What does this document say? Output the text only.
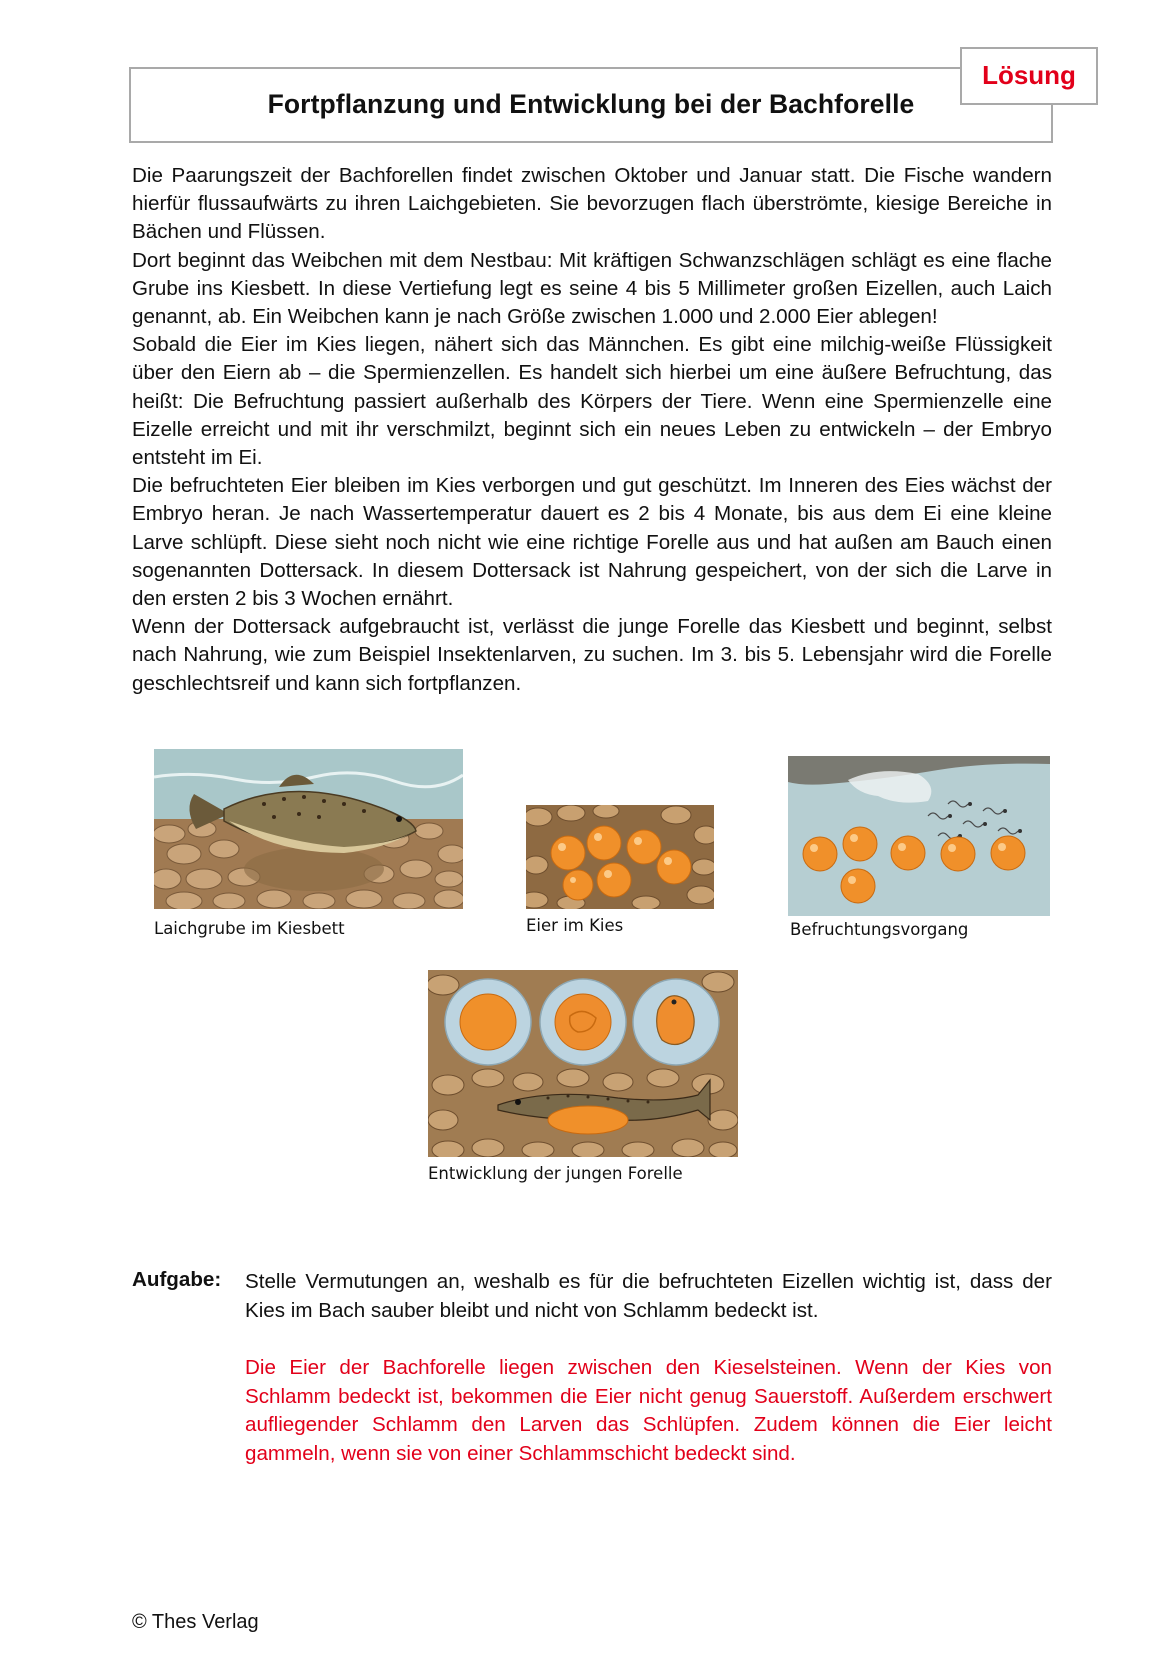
Fortpflanzung und Entwicklung bei der Bachforelle
Lösung

Die Paarungszeit der Bachforellen findet zwischen Oktober und Januar statt. Die Fische wandern hierfür flussaufwärts zu ihren Laichgebieten. Sie bevorzugen flach überströmte, kiesige Bereiche in Bächen und Flüssen.

Dort beginnt das Weibchen mit dem Nestbau: Mit kräftigen Schwanzschlägen schlägt es eine flache Grube ins Kiesbett. In diese Vertiefung legt es seine 4 bis 5 Millimeter großen Eizellen, auch Laich genannt, ab. Ein Weibchen kann je nach Größe zwischen 1.000 und 2.000 Eier ablegen!

Sobald die Eier im Kies liegen, nähert sich das Männchen. Es gibt eine milchig-weiße Flüssigkeit über den Eiern ab – die Spermienzellen. Es handelt sich hierbei um eine äußere Befruchtung, das heißt: Die Befruchtung passiert außerhalb des Körpers der Tiere. Wenn eine Spermienzelle eine Eizelle erreicht und mit ihr verschmilzt, beginnt sich ein neues Leben zu entwickeln – der Embryo entsteht im Ei.

Die befruchteten Eier bleiben im Kies verborgen und gut geschützt. Im Inneren des Eies wächst der Embryo heran. Je nach Wassertemperatur dauert es 2 bis 4 Monate, bis aus dem Ei eine kleine Larve schlüpft. Diese sieht noch nicht wie eine richtige Forelle aus und hat außen am Bauch einen sogenannten Dottersack. In diesem Dottersack ist Nahrung gespeichert, von der sich die Larve in den ersten 2 bis 3 Wochen ernährt.

Wenn der Dottersack aufgebraucht ist, verlässt die junge Forelle das Kiesbett und beginnt, selbst nach Nahrung, wie zum Beispiel Insektenlarven, zu suchen. Im 3. bis 5. Lebensjahr wird die Forelle geschlechtsreif und kann sich fortpflanzen.

Laichgrube im Kiesbett	Eier im Kies	Befruchtungsvorgang
Entwicklung der jungen Forelle
Aufgabe: Stelle Vermutungen an, weshalb es für die befruchteten Eizellen wichtig ist, dass der Kies im Bach sauber bleibt und nicht von Schlamm bedeckt ist.
Die Eier der Bachforelle liegen zwischen den Kieselsteinen. Wenn der Kies von Schlamm bedeckt ist, bekommen die Eier nicht genug Sauerstoff. Außerdem erschwert aufliegender Schlamm den Larven das Schlüpfen. Zudem können die Eier leicht gammeln, wenn sie von einer Schlammschicht bedeckt sind.
© Thes Verlag
